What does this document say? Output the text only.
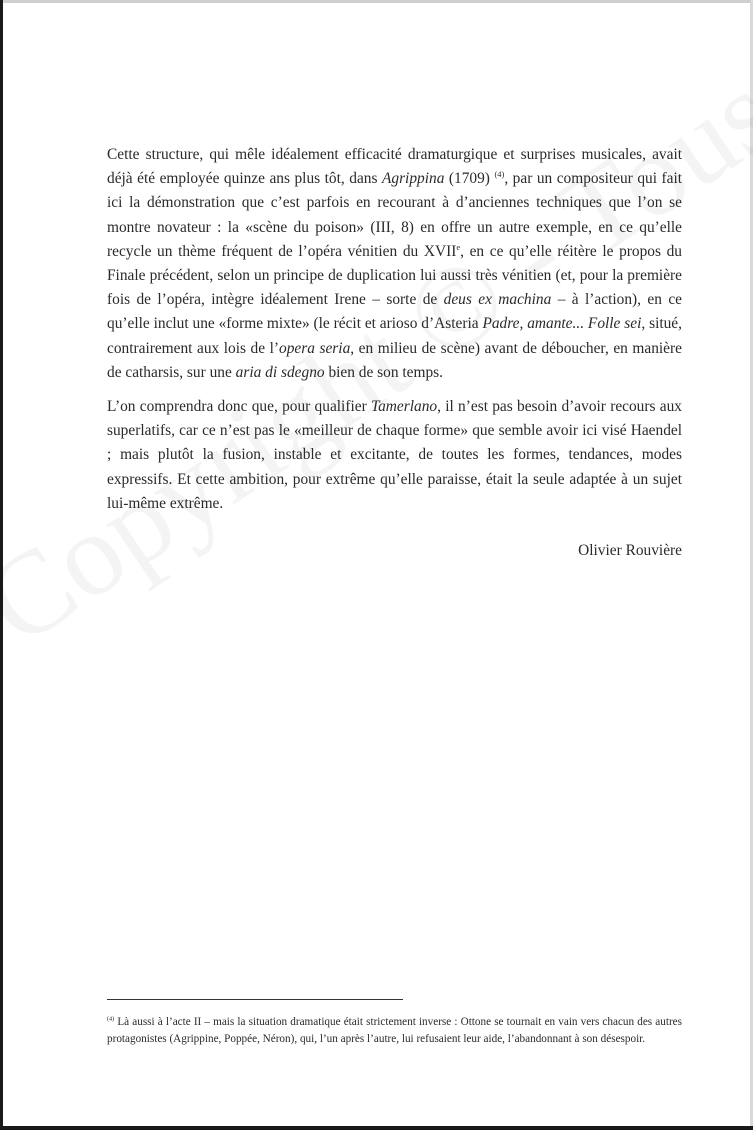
Cette structure, qui mêle idéalement efficacité dramaturgique et surprises musicales, avait déjà été employée quinze ans plus tôt, dans Agrippina (1709) $^{(4)}$, par un compositeur qui fait ici la démonstration que c’est parfois en recourant à d’anciennes techniques que l’on se montre novateur : la «scène du poison» (III, 8) en offre un autre exemple, en ce qu’elle recycle un thème fréquent de l’opéra vénitien du XVIIe, en ce qu’elle réitère le propos du Finale précédent, selon un principe de duplication lui aussi très vénitien (et, pour la première fois de l’opéra, intègre idéalement Irene – sorte de deus ex machina – à l’action), en ce qu’elle inclut une «forme mixte» (le récit et arioso d’Asteria Padre, amante... Folle sei, situé, contrairement aux lois de l’opera seria, en milieu de scène) avant de déboucher, en manière de catharsis, sur une aria di sdegno bien de son temps.

L’on comprendra donc que, pour qualifier Tamerlano, il n’est pas besoin d’avoir recours aux superlatifs, car ce n’est pas le «meilleur de chaque forme» que semble avoir ici visé Haendel ; mais plutôt la fusion, instable et excitante, de toutes les formes, tendances, modes expressifs. Et cette ambition, pour extrême qu’elle paraisse, était la seule adaptée à un sujet lui-même extrême.

Olivier Rouvière
$^{(4)}$ Là aussi à l’acte II – mais la situation dramatique était strictement inverse : Ottone se tournait en vain vers chacun des autres protagonistes (Agrippine, Poppée, Néron), qui, l’un après l’autre, lui refusaient leur aide, l’abandonnant à son désespoir.
